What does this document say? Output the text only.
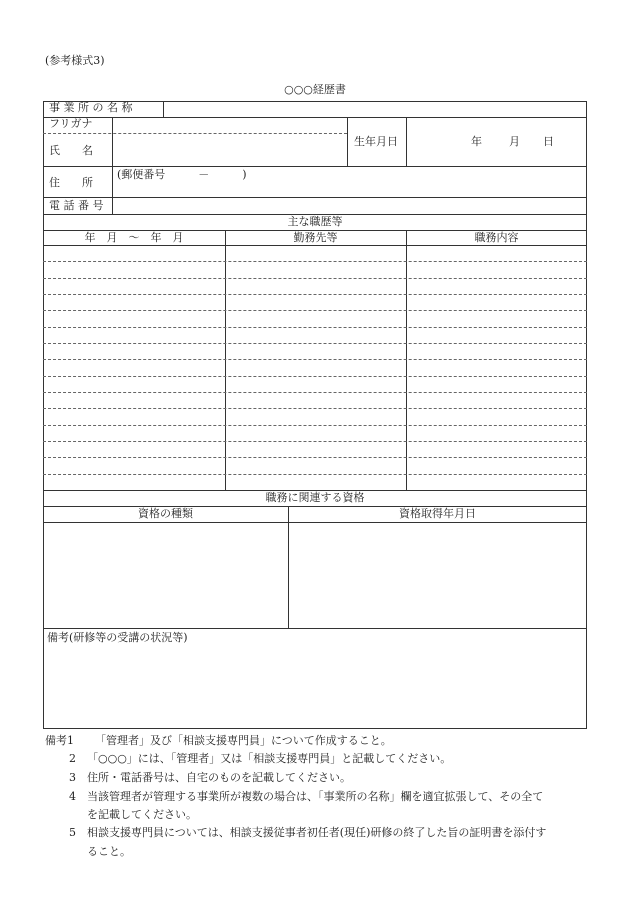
(参考様式3)
○○○経歴書
事 業 所 の 名 称
フリガナ
氏　　名
生年月日	年 月 日
住　　所
(郵便番号　　　－　　　)
電 話 番 号
主な職歴等
年　月　～　年　月	勤務先等	職務内容
職務に関連する資格
資格の種類	資格取得年月日
備考(研修等の受講の状況等)
備考1 「管理者」及び「相談支援専門員」について作成すること。
2 「○○○」には、「管理者」又は「相談支援専門員」と記載してください。
3 住所・電話番号は、自宅のものを記載してください。
4 当該管理者が管理する事業所が複数の場合は、「事業所の名称」欄を適宜拡張して、その全て
を記載してください。
5 相談支援専門員については、相談支援従事者初任者(現任)研修の終了した旨の証明書を添付す
ること。
